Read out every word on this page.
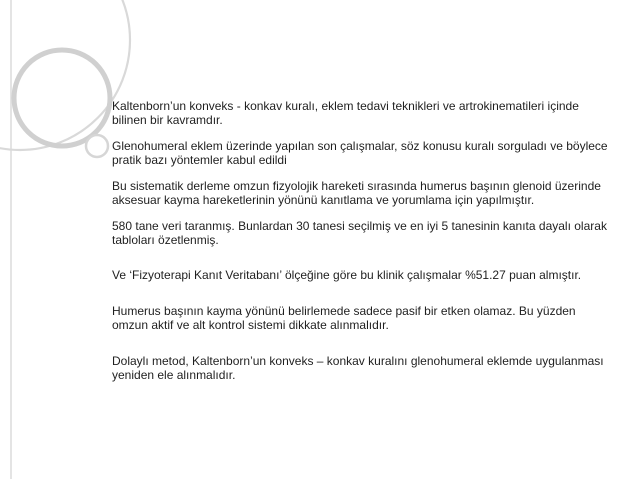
Kaltenborn’un konveks - konkav kuralı, eklem tedavi teknikleri ve artrokinematileri içinde bilinen bir kavramdır.

Glenohumeral eklem üzerinde yapılan son çalışmalar, söz konusu kuralı sorguladı ve böylece pratik bazı yöntemler kabul edildi

Bu sistematik derleme omzun fizyolojik hareketi sırasında humerus başının glenoid üzerinde aksesuar kayma hareketlerinin yönünü kanıtlama ve yorumlama için yapılmıştır.

580 tane veri taranmış. Bunlardan 30 tanesi seçilmiş ve en iyi 5 tanesinin kanıta dayalı olarak tabloları özetlenmiş.

Ve ‘Fizyoterapi Kanıt Veritabanı’ ölçeğine göre bu klinik çalışmalar %51.27 puan almıştır.

Humerus başının kayma yönünü belirlemede sadece pasif bir etken olamaz. Bu yüzden omzun aktif ve alt kontrol sistemi dikkate alınmalıdır.

Dolaylı metod, Kaltenborn’un konveks – konkav kuralını glenohumeral eklemde uygulanması yeniden ele alınmalıdır.
